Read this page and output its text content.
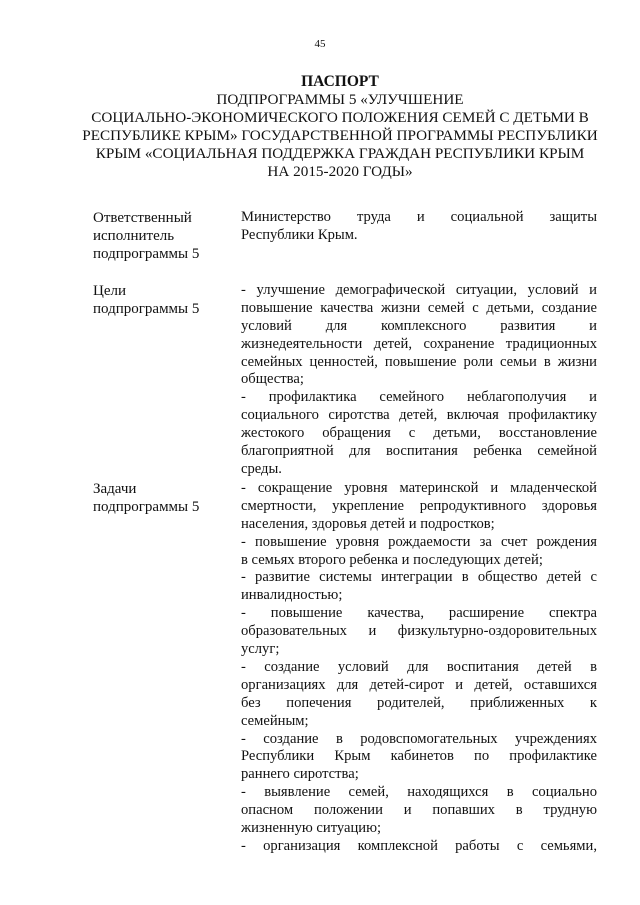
45
ПАСПОРТ
ПОДПРОГРАММЫ 5 «УЛУЧШЕНИЕ
СОЦИАЛЬНО-ЭКОНОМИЧЕСКОГО ПОЛОЖЕНИЯ СЕМЕЙ С ДЕТЬМИ В
РЕСПУБЛИКЕ КРЫМ» ГОСУДАРСТВЕННОЙ ПРОГРАММЫ РЕСПУБЛИКИ
КРЫМ «СОЦИАЛЬНАЯ ПОДДЕРЖКА ГРАЖДАН РЕСПУБЛИКИ КРЫМ
НА 2015-2020 ГОДЫ»
Ответственный
исполнитель
подпрограммы 5
Министерство труда и социальной защиты
Республики Крым.
Цели
подпрограммы 5
- улучшение демографической ситуации, условий и
повышение качества жизни семей с детьми, создание
условий для комплексного развития и
жизнедеятельности детей, сохранение традиционных
семейных ценностей, повышение роли семьи в жизни
общества;
- профилактика семейного неблагополучия и
социального сиротства детей, включая профилактику
жестокого обращения с детьми, восстановление
благоприятной для воспитания ребенка семейной
среды.
Задачи
подпрограммы 5
- сокращение уровня материнской и младенческой
смертности, укрепление репродуктивного здоровья
населения, здоровья детей и подростков;
- повышение уровня рождаемости за счет рождения
в семьях второго ребенка и последующих детей;
- развитие системы интеграции в общество детей с
инвалидностью;
- повышение качества, расширение спектра
образовательных и физкультурно-оздоровительных
услуг;
- создание условий для воспитания детей в
организациях для детей-сирот и детей, оставшихся
без попечения родителей, приближенных к
семейным;
- создание в родовспомогательных учреждениях
Республики Крым кабинетов по профилактике
раннего сиротства;
- выявление семей, находящихся в социально
опасном положении и попавших в трудную
жизненную ситуацию;
- организация комплексной работы с семьями,
